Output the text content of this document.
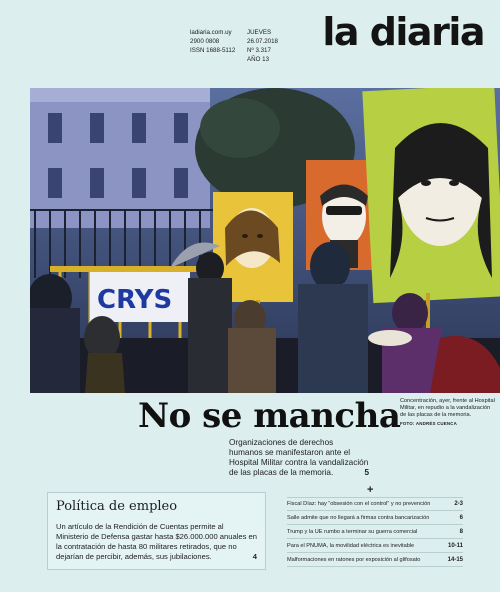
ladiaria.com.uy
2900 0808
ISSN 1688-5112
JUEVES
26.07.2018
Nº 3.317
AÑO 13
la diaria
CRYS
No se mancha Concentración, ayer, frente al Hospital Militar, en repudio a la vandalización de las placas de la memoria.
FOTO: ANDRÉS CUENCA
Organizaciones de derechos humanos se manifestaron ante el Hospital Militar contra la vandalización de las placas de la memoria.	5
Política de empleo

Un artículo de la Rendición de Cuentas permite al Ministerio de Defensa gastar hasta $26.000.000 anuales en la contratación de hasta 80 militares retirados, que no dejarían de percibir, además, sus jubilaciones.	4

+
Fiscal Díaz: hay “obsesión con el control” y no prevención	2-3
Salle admite que no llegará a firmas contra bancarización	6
Trump y la UE rumbo a terminar su guerra comercial	8
Para el PNUMA, la movilidad eléctrica es inevitable	10-11
Malformaciones en ratones por exposición al glifosato	14-15
